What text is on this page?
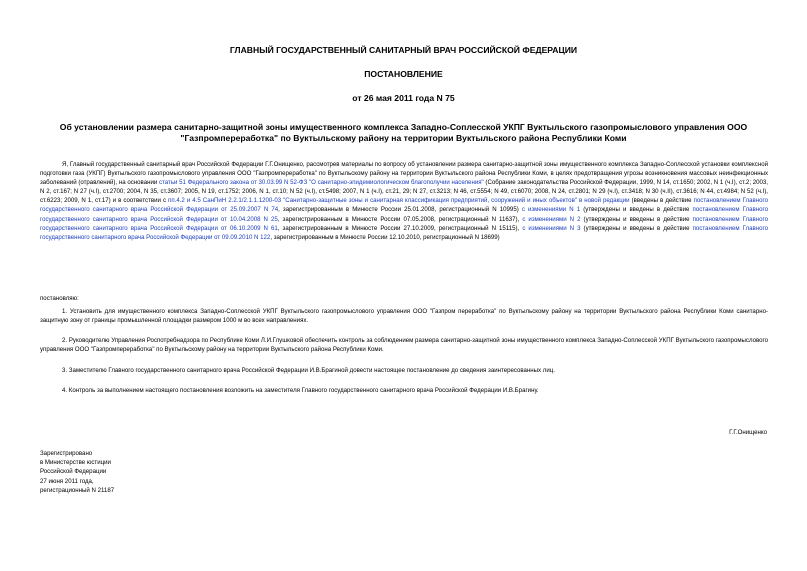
ГЛАВНЫЙ ГОСУДАРСТВЕННЫЙ САНИТАРНЫЙ ВРАЧ РОССИЙСКОЙ ФЕДЕРАЦИИ
ПОСТАНОВЛЕНИЕ
от 26 мая 2011 года N 75
Об установлении размера санитарно-защитной зоны имущественного комплекса Западно-Соплесской УКПГ Вуктыльского газопромыслового управления ООО "Газпромпереработка" по Вуктыльскому району на территории Вуктыльского района Республики Коми
Я, Главный государственный санитарный врач Российской Федерации Г.Г.Онищенко, рассмотрев материалы по вопросу об установлении размера санитарно-защитной зоны имущественного комплекса Западно-Соплесской установки комплексной подготовки газа (УКПГ) Вуктыльского газопромыслового управления ООО "Газпромпереработка" по Вуктыльскому району на территории Вуктыльского района Республики Коми, в целях предотвращения угрозы возникновения массовых неинфекционных заболеваний (отравлений), на основании статьи 51 Федерального закона от 30.03.99 N 52-ФЗ "О санитарно-эпидемиологическом благополучии населения" (Собрание законодательства Российской Федерации, 1999, N 14, ст.1650; 2002, N 1 (ч.I), ст.2; 2003, N 2, ст.167; N 27 (ч.I), ст.2700; 2004, N 35, ст.3607; 2005, N 19, ст.1752; 2006, N 1, ст.10; N 52 (ч.I), ст.5498; 2007, N 1 (ч.I), ст.21, 29; N 27, ст.3213; N 46, ст.5554; N 49, ст.6070; 2008, N 24, ст.2801; N 29 (ч.I), ст.3418; N 30 (ч.II), ст.3616; N 44, ст.4984; N 52 (ч.I), ст.6223; 2009, N 1, ст.17) и в соответствии с пп.4.2 и 4.5 СанПиН 2.2.1/2.1.1.1200-03 "Санитарно-защитные зоны и санитарная классификация предприятий, сооружений и иных объектов" в новой редакции (введены в действие постановлением Главного государственного санитарного врача Российской Федерации от 25.09.2007 N 74, зарегистрированным в Минюсте России 25.01.2008, регистрационный N 10995) с изменениями N 1 (утверждены и введены в действие постановлением Главного государственного санитарного врача Российской Федерации от 10.04.2008 N 25, зарегистрированным в Минюсте России 07.05.2008, регистрационный N 11637), с изменениями N 2 (утверждены и введены в действие постановлением Главного государственного санитарного врача Российской Федерации от 06.10.2009 N 61, зарегистрированным в Минюсте России 27.10.2009, регистрационный N 15115), с изменениями N 3 (утверждены и введены в действие постановлением Главного государственного санитарного врача Российской Федерации от 09.09.2010 N 122, зарегистрированным в Минюсте России 12.10.2010, регистрационный N 18699)
постановляю:
1. Установить для имущественного комплекса Западно-Соплесской УКПГ Вуктыльского газопромыслового управления ООО "Газпром переработка" по Вуктыльскому району на территории Вуктыльского района Республики Коми санитарно-защитную зону от границы промышленной площадки размером 1000 м во всех направлениях.
2. Руководителю Управления Роспотребнадзора по Республике Коми Л.И.Глушковой обеспечить контроль за соблюдением размера санитарно-защитной зоны имущественного комплекса Западно-Соплесской УКПГ Вуктыльского газопромыслового управления ООО "Газпромпереработка" по Вуктыльскому району на территории Вуктыльского района Республики Коми.
3. Заместителю Главного государственного санитарного врача Российской Федерации И.В.Брагиной довести настоящее постановление до сведения заинтересованных лиц.
4. Контроль за выполнением настоящего постановления возложить на заместителя Главного государственного санитарного врача Российской Федерации И.В.Брагину.
Г.Г.Онищенко
Зарегистрировано
в Министерстве юстиции
Российской Федерации
27 июня 2011 года,
регистрационный N 21187
